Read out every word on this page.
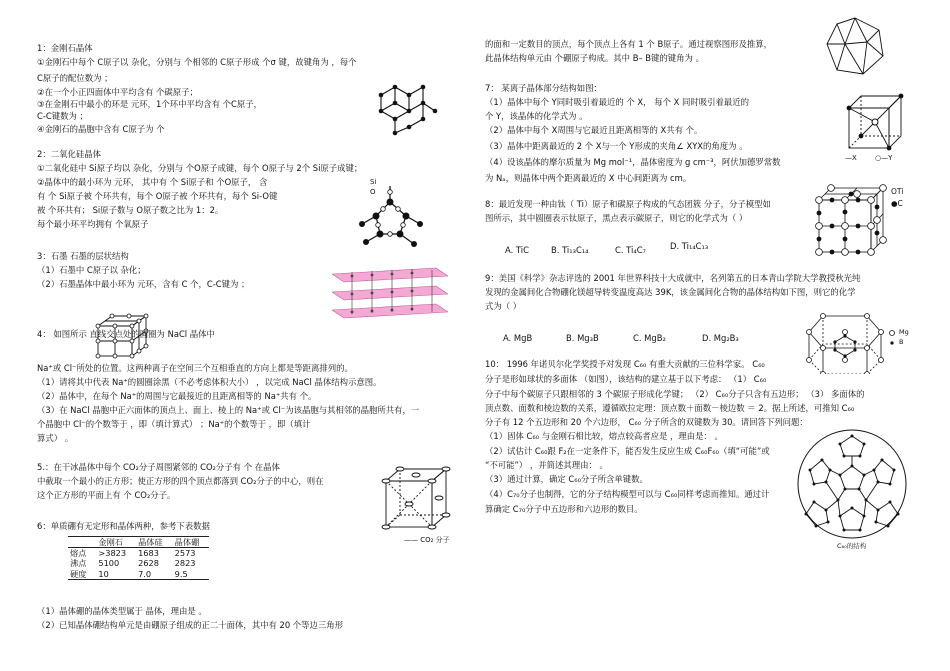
1：金刚石晶体
①金刚石中每个 C原子以 杂化，分别与 个相邻的 C原子形成 个σ 键，故键角为 ，每个
C原子的配位数为 ；
②在一个小正四面体中平均含有 个碳原子；
③在金刚石中最小的环是 元环，1个环中平均含有 个C原子，
C-C键数为 ；
④金刚石的晶胞中含有 C原子为 个
2：二氧化硅晶体
①二氧化硅中 Si原子均以 杂化，分别与 个O原子成键，每个 O原子与 2个 Si原子成键；
②晶体中的最小环为 元环， 其中有 个 Si原子和 个O原子， 含
有 个 Si原子被 个环共有，每个 O原子被 个环共有，每个 Si-O键
被 个环共有； Si原子数与 O原子数之比为 1：2。
每个最小环平均拥有 个氧原子
Si
O
3：石墨 石墨的层状结构
（1）石墨中 C原子以 杂化；
（2）石墨晶体中最小环为 元环，含有 C 个，C-C键为 ；
4： 如图所示 直线交点处的圆圈为 NaCl 晶体中
Na⁺或 Cl⁻所处的位置。这两种离子在空间三个互相垂直的方向上都是等距离排列的。
（1）请将其中代表 Na⁺的圆圈涂黑（不必考虑体积大小） ，以完成 NaCl 晶体结构示意图。
（2）晶体中，在每个 Na⁺的周围与它最接近的且距离相等的 Na⁺共有 个。
（3）在 NaCl 晶胞中正六面体的顶点上、面上、棱上的 Na⁺或 Cl⁻为该晶胞与其相邻的晶胞所共有，一
个晶胞中 Cl⁻的个数等于 ，即（填计算式） ；Na⁺的个数等于 ，即（填计
算式） 。
5.：在干冰晶体中每个 CO₂分子周围紧邻的 CO₂分子有 个 在晶体
中截取一个最小的正方形；使正方形的四个顶点都落到 CO₂分子的中心，则在
这个正方形的平面上有 个 CO₂分子。
—— CO₂ 分子
6：单质硼有无定形和晶体两种，参考下表数据
	金刚石	晶体硅	晶体硼
熔点	>3823	1683	2573
沸点	5100	2628	2823
硬度	10	7.0	9.5
（1）晶体硼的晶体类型属于 晶体，理由是 。
（2）已知晶体硼结构单元是由硼原子组成的正二十面体，其中有 20 个等边三角形
的面和一定数目的顶点，每个顶点上各有 1 个 B原子。通过视察图形及推算，
此晶体结构单元由 个硼原子构成。其中 B– B键的键角为 。
7： 某离子晶体部分结构如图：
（1）晶体中每个 Y同时吸引着最近的 个 X， 每个 X 同时吸引着最近的
个 Y，该晶体的化学式为 。
（2）晶体中每个 X周围与它最近且距离相等的 X共有 个。
（3）晶体中距离最近的 2 个 X与一个 Y形成的夹角∠ XYX的角度为 。
（4）设该晶体的摩尔质量为 Mg mol⁻¹，晶体密度为 g cm⁻³，阿伏加德罗常数
为 Nₐ，则晶体中两个距离最近的 X 中心间距离为 cm。
—X	○—Y
8：最近发现一种由钛（ Ti）原子和碳原子构成的气态团簇 分子，分子模型如
图所示，其中圆圈表示钛原子，黑点表示碳原子，则它的化学式为（ ）
A. TiC	B. Ti₁₃C₁₄	C. Ti₄C₇	D. Ti₁₄C₁₃
OTi
●C
9：美国《科学》杂志评选的 2001 年世界科技十大成就中，名列第五的日本青山学院大学教授秋光纯
发现的金属间化合物硼化镁超导转变温度高达 39K，该金属间化合物的晶体结构如下图，则它的化学
式为（ ）
A. MgB	B. Mg₃B	C. MgB₂	D. Mg₂B₃
Mg
B
10： 1996 年诺贝尔化学奖授予对发现 C₆₀ 有重大贡献的三位科学家。 C₆₀
分子是形如球状的多面体 （如图），该结构的建立基于以下考虑： （1） C₆₀
分子中每个碳原子只跟相邻的 3 个碳原子形成化学键； （2） C₆₀分子只含有五边形； （3） 多面体的
顶点数、面数和棱边数的关系，遵循欧拉定理：顶点数＋面数－棱边数 ＝ 2。据上所述，可推知 C₆₀
分子有 12 个五边形和 20 个六边形， C₆₀ 分子所含的双键数为 30。请回答下列问题：
（1）固体 C₆₀ 与金刚石相比较，熔点较高者应是 ，理由是： 。
（2）试估计 C₆₀跟 F₂在一定条件下，能否发生反应生成 C₆₀F₆₀（填“可能”或
“不可能”） ，并简述其理由： 。
（3）通过计算，确定 C₆₀分子所含单键数。
（4）C₇₀分子也制得，它的分子结构模型可以与 C₆₀同样考虑而推知。通过计
算确定 C₇₀分子中五边形和六边形的数目。
C₆₀的结构
